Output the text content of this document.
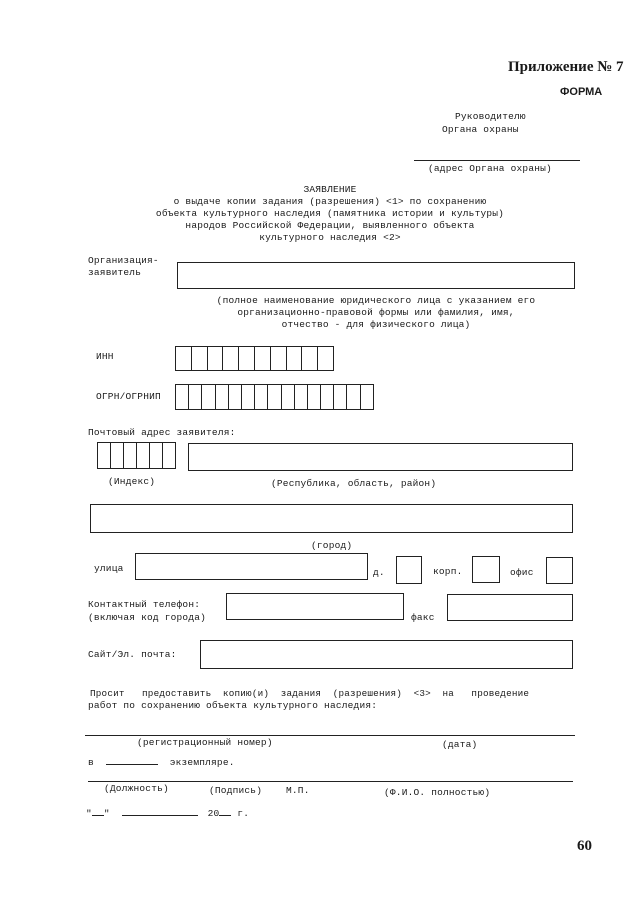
Приложение № 7
ФОРМА
Руководителю
Органа охраны
(адрес Органа охраны)
ЗАЯВЛЕНИЕ
о выдаче копии задания (разрешения) <1> по сохранению
объекта культурного наследия (памятника истории и культуры)
народов Российской Федерации, выявленного объекта
культурного наследия <2>
Организация-
заявитель
(полное наименование юридического лица с указанием его
организационно-правовой формы или фамилия, имя,
отчество - для физического лица)
ИНН
ОГРН/ОГРНИП
Почтовый адрес заявителя:
(Индекс)	(Республика, область, район)
(город)
улица	д.	корп.	офис
Контактный телефон:
(включая код города)	факс
Сайт/Эл. почта:
Просит   предоставить  копию(и)  задания  (разрешения)  <3>  на   проведение
работ по сохранению объекта культурного наследия:
(регистрационный номер)	(дата)
в	экземпляре.
(Должность)	(Подпись)	М.П.	(Ф.И.О. полностью)
" "	20 г.
60
